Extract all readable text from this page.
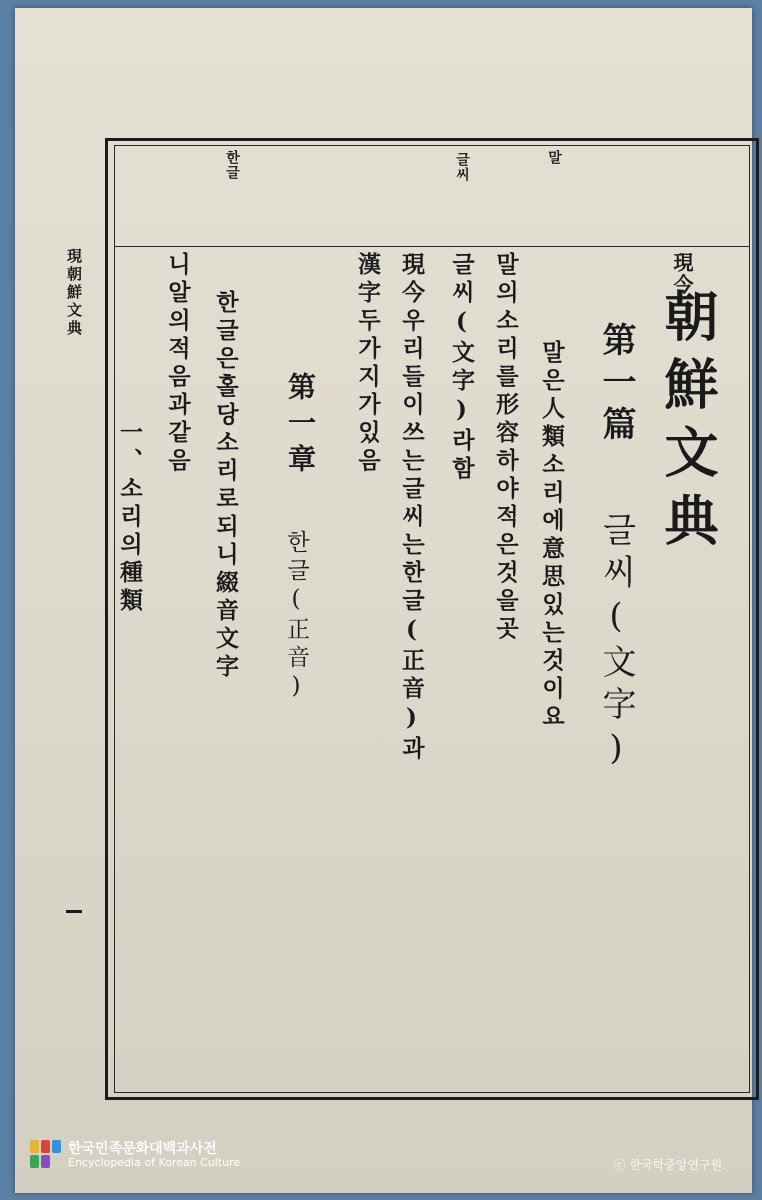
現朝鮮文典
말
글씨
한글
現今
朝鮮文典
第一篇
글씨(文字)
말은人類소리에意思있는것이요
말의소리를形容하야적은것을곳
글씨(文字)라함
現今우리들이쓰는글씨는한글(正音)과
漢字두가지가있음
第一章
한글(正音)
한글은홀당소리로되니綴音文字
니알의적음과같음
一、소리의種類
한국민족문화대백과사전
Encyclopedia of Korean Culture	ⓒ 한국학중앙연구원.
